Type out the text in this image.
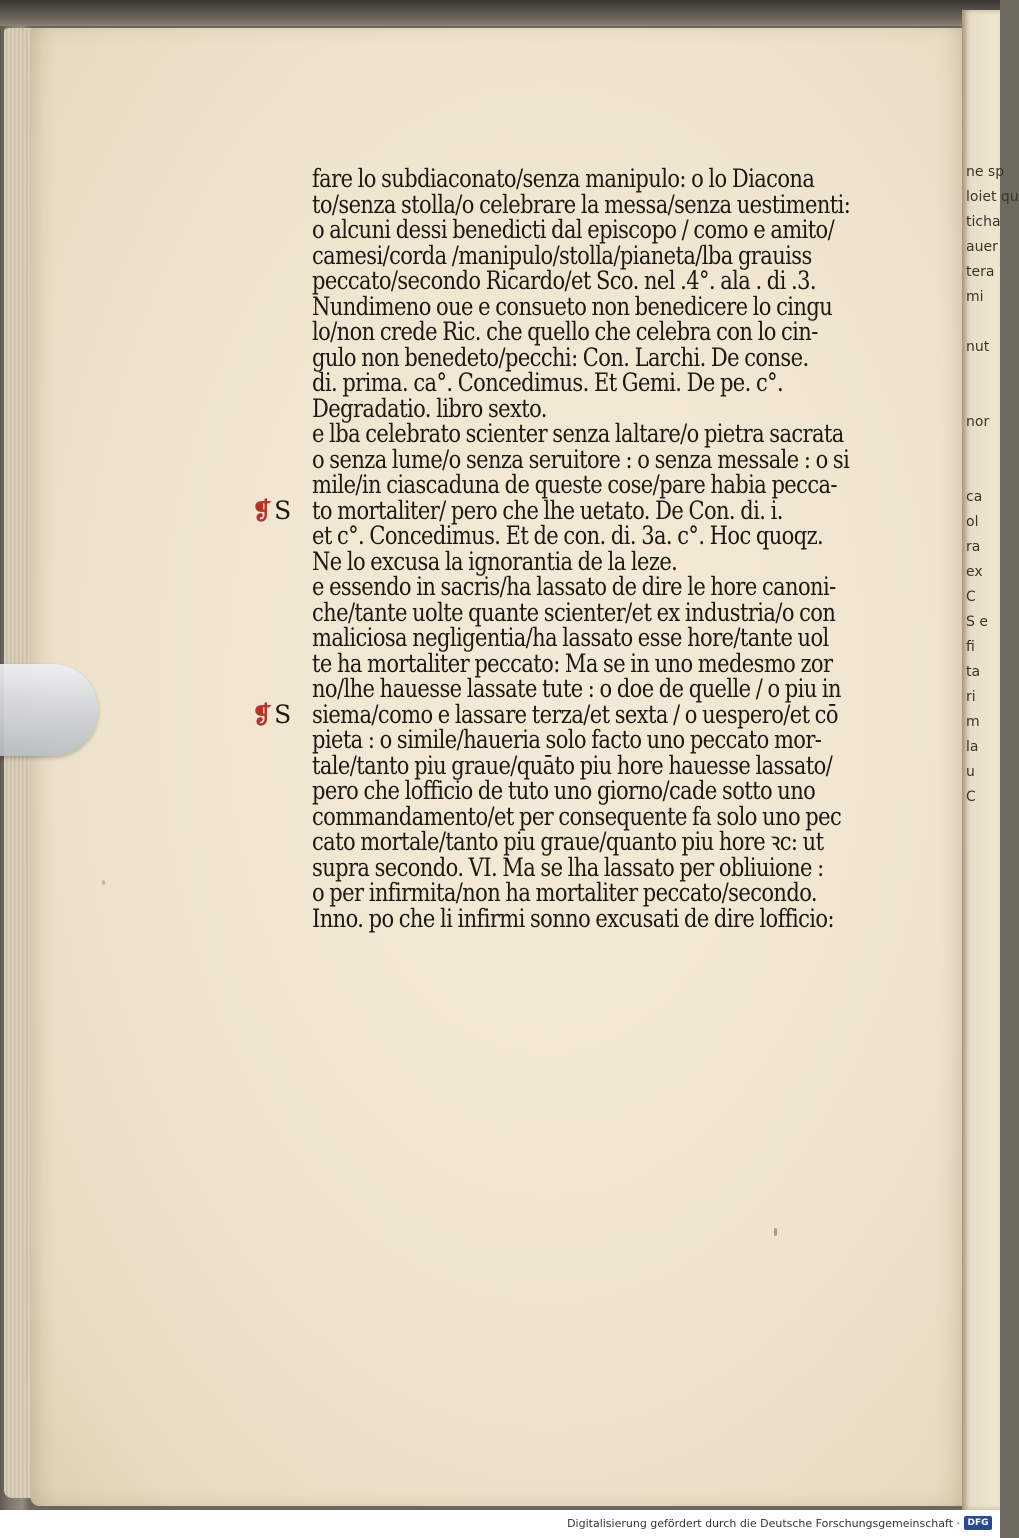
ne sp
loiet qu
ticha
auer
tera
mi
nut
nor
ca
ol
ra
ex
C
S e
fi
ta
ri
m
la
u
C
fare lo subdiaconato/senza manipulo: o lo Diacona
to/senza stolla/o celebrare la messa/senza uestimenti:
o alcuni dessi benedicti dal episcopo / como e amito/
camesi/corda /manipulo/stolla/pianeta/lba grauiss
peccato/secondo Ricardo/et Sco. nel .4°. ala . di .3.
Nundimeno oue e consueto non benedicere lo cingu
lo/non crede Ric. che quello che celebra con lo cin-
gulo non benedeto/pecchi: Con. Larchi. De conse.
di. prima. ca°. Concedimus. Et Gemi. De pe. c°.
Degradatio. libro sexto.
e lba celebrato scienter senza laltare/o pietra sacrata
o senza lume/o senza seruitore : o senza messale : o si
mile/in ciascaduna de queste cose/pare habia pecca-
to mortaliter/ pero che lhe uetato. De Con. di. i.
et c°. Concedimus. Et de con. di. 3a. c°. Hoc quoqz.
Ne lo excusa la ignorantia de la leze.
e essendo in sacris/ha lassato de dire le hore canoni-
che/tante uolte quante scienter/et ex industria/o con
maliciosa negligentia/ha lassato esse hore/tante uol
te ha mortaliter peccato: Ma se in uno medesmo zor
no/lhe hauesse lassate tute : o doe de quelle / o piu in
siema/como e lassare terza/et sexta / o uespero/et cō
pieta : o simile/haueria solo facto uno peccato mor-
tale/tanto piu graue/quāto piu hore hauesse lassato/
pero che lofficio de tuto uno giorno/cade sotto uno
commandamento/et per consequente fa solo uno pec
cato mortale/tanto piu graue/quanto piu hore ꝛc: ut
supra secondo. VI. Ma se lha lassato per obliuione :
o per infirmita/non ha mortaliter peccato/secondo.
Inno. po che li infirmi sonno excusati de dire lofficio:
❡S
❡S
Digitalisierung gefördert durch die Deutsche Forschungsgemeinschaft · DFG
